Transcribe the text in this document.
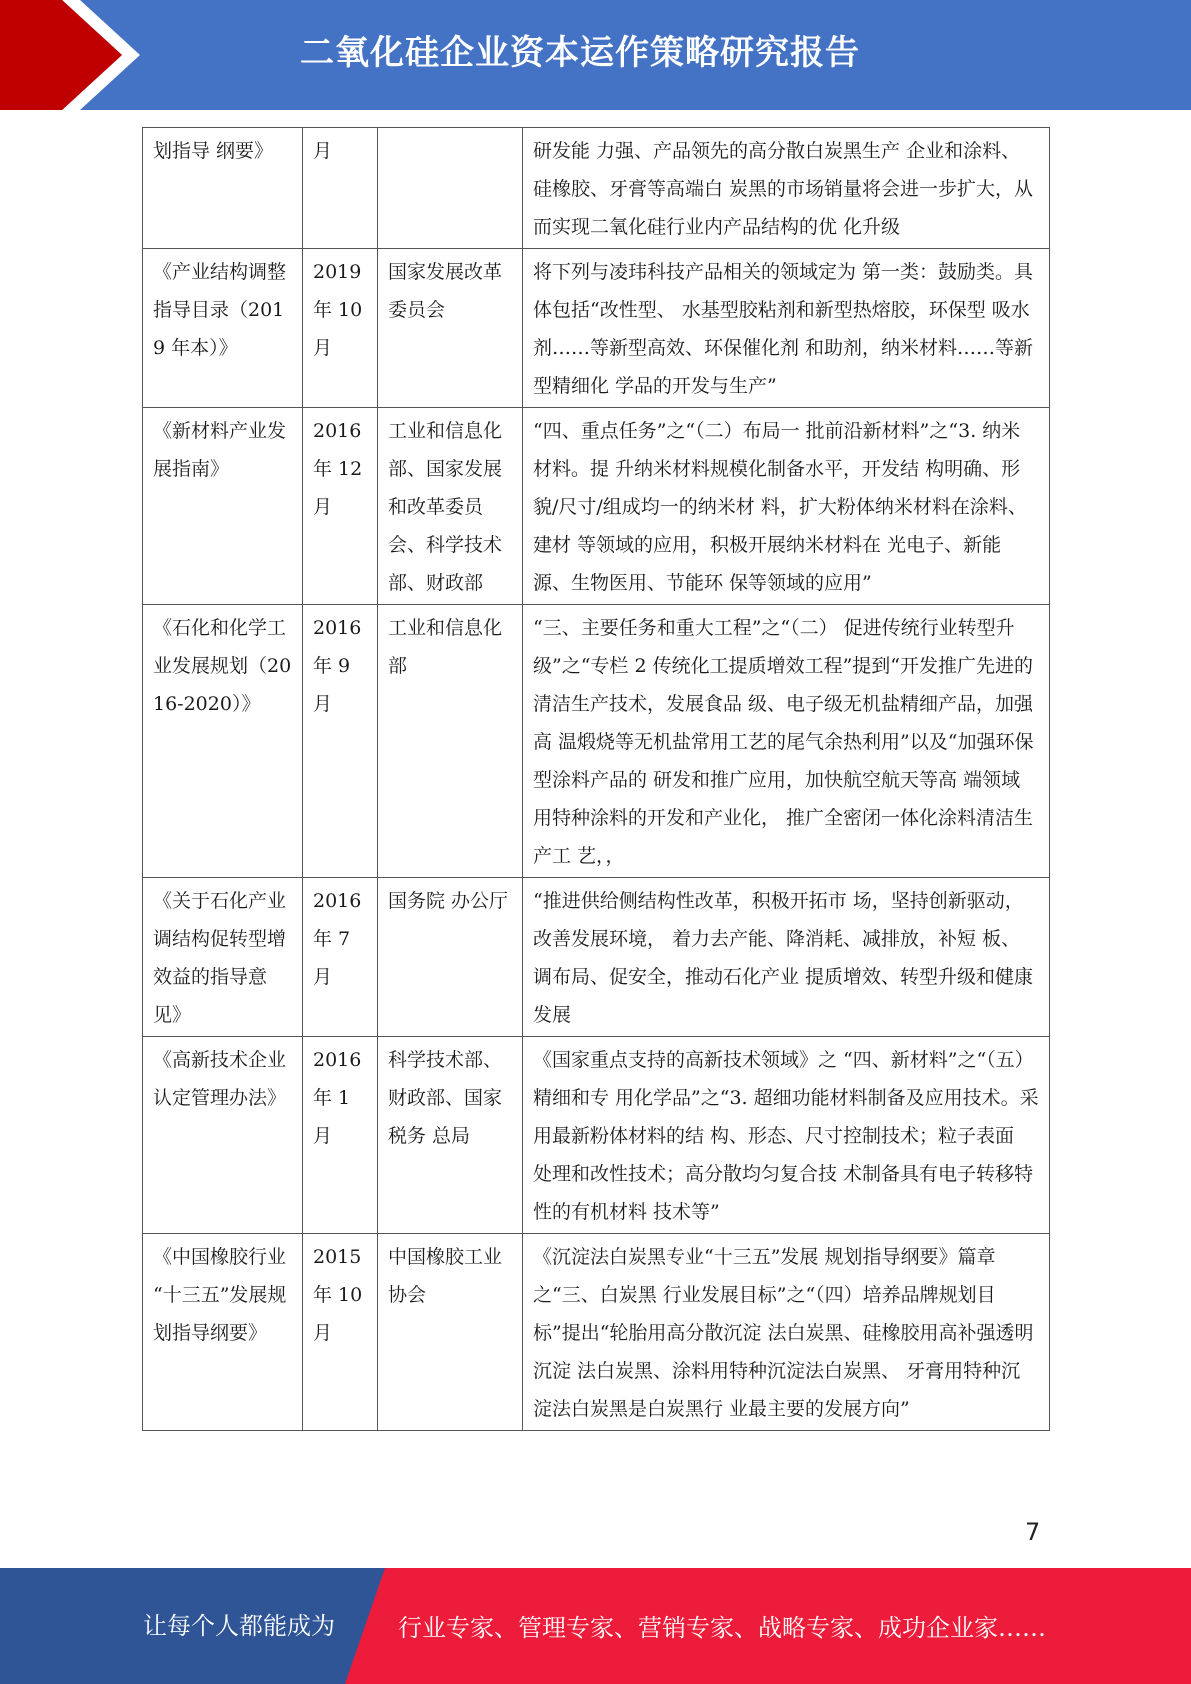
二氧化硅企业资本运作策略研究报告
划指导 纲要》	月		研发能 力强、产品领先的高分散白炭黑生产 企业和涂料、硅橡胶、牙膏等高端白 炭黑的市场销量将会进一步扩大，从 而实现二氧化硅行业内产品结构的优 化升级
《产业结构调整 指导目录（2019 年本）》	2019 年 10 月	国家发展改革 委员会	将下列与凌玮科技产品相关的领域定为 第一类：鼓励类。具体包括“改性型、 水基型胶粘剂和新型热熔胶，环保型 吸水剂……等新型高效、环保催化剂 和助剂，纳米材料……等新型精细化 学品的开发与生产”
《新材料产业发 展指南》	2016 年 12 月	工业和信息化 部、国家发展 和改革委员 会、科学技术 部、财政部	“四、重点任务”之“（二）布局一 批前沿新材料”之“3. 纳米材料。提 升纳米材料规模化制备水平，开发结 构明确、形貌/尺寸/组成均一的纳米材 料，扩大粉体纳米材料在涂料、建材 等领域的应用，积极开展纳米材料在 光电子、新能源、生物医用、节能环 保等领域的应用”
《石化和化学工 业发展规划（2016-2020）》	2016 年 9 月	工业和信息化 部	“三、主要任务和重大工程”之“（二） 促进传统行业转型升级”之“专栏 2 传统化工提质增效工程”提到“开发推广先进的清洁生产技术，发展食品 级、电子级无机盐精细产品，加强高 温煅烧等无机盐常用工艺的尾气余热利用”以及“加强环保型涂料产品的 研发和推广应用，加快航空航天等高 端领域用特种涂料的开发和产业化， 推广全密闭一体化涂料清洁生产工 艺，，
《关于石化产业 调结构促转型增 效益的指导意见》	2016 年 7 月	国务院 办公厅	“推进供给侧结构性改革，积极开拓市 场，坚持创新驱动，改善发展环境， 着力去产能、降消耗、减排放，补短 板、调布局、促安全，推动石化产业 提质增效、转型升级和健康发展
《高新技术企业 认定管理办法》	2016 年 1 月	科学技术部、 财政部、国家 税务 总局	《国家重点支持的高新技术领域》之 “四、新材料”之“（五）精细和专 用化学品”之“3. 超细功能材料制备及应用技术。采用最新粉体材料的结 构、形态、尺寸控制技术；粒子表面 处理和改性技术；高分散均匀复合技 术制备具有电子转移特性的有机材料 技术等”
《中国橡胶行业 “十三五”发展规划指导纲要》	2015 年 10 月	中国橡胶工业 协会	《沉淀法白炭黑专业“十三五”发展 规划指导纲要》篇章之“三、白炭黑 行业发展目标”之“（四）培养品牌规划目标”提出“轮胎用高分散沉淀 法白炭黑、硅橡胶用高补强透明沉淀 法白炭黑、涂料用特种沉淀法白炭黑、 牙膏用特种沉淀法白炭黑是白炭黑行 业最主要的发展方向”
7
让每个人都能成为	行业专家、管理专家、营销专家、战略专家、成功企业家……
